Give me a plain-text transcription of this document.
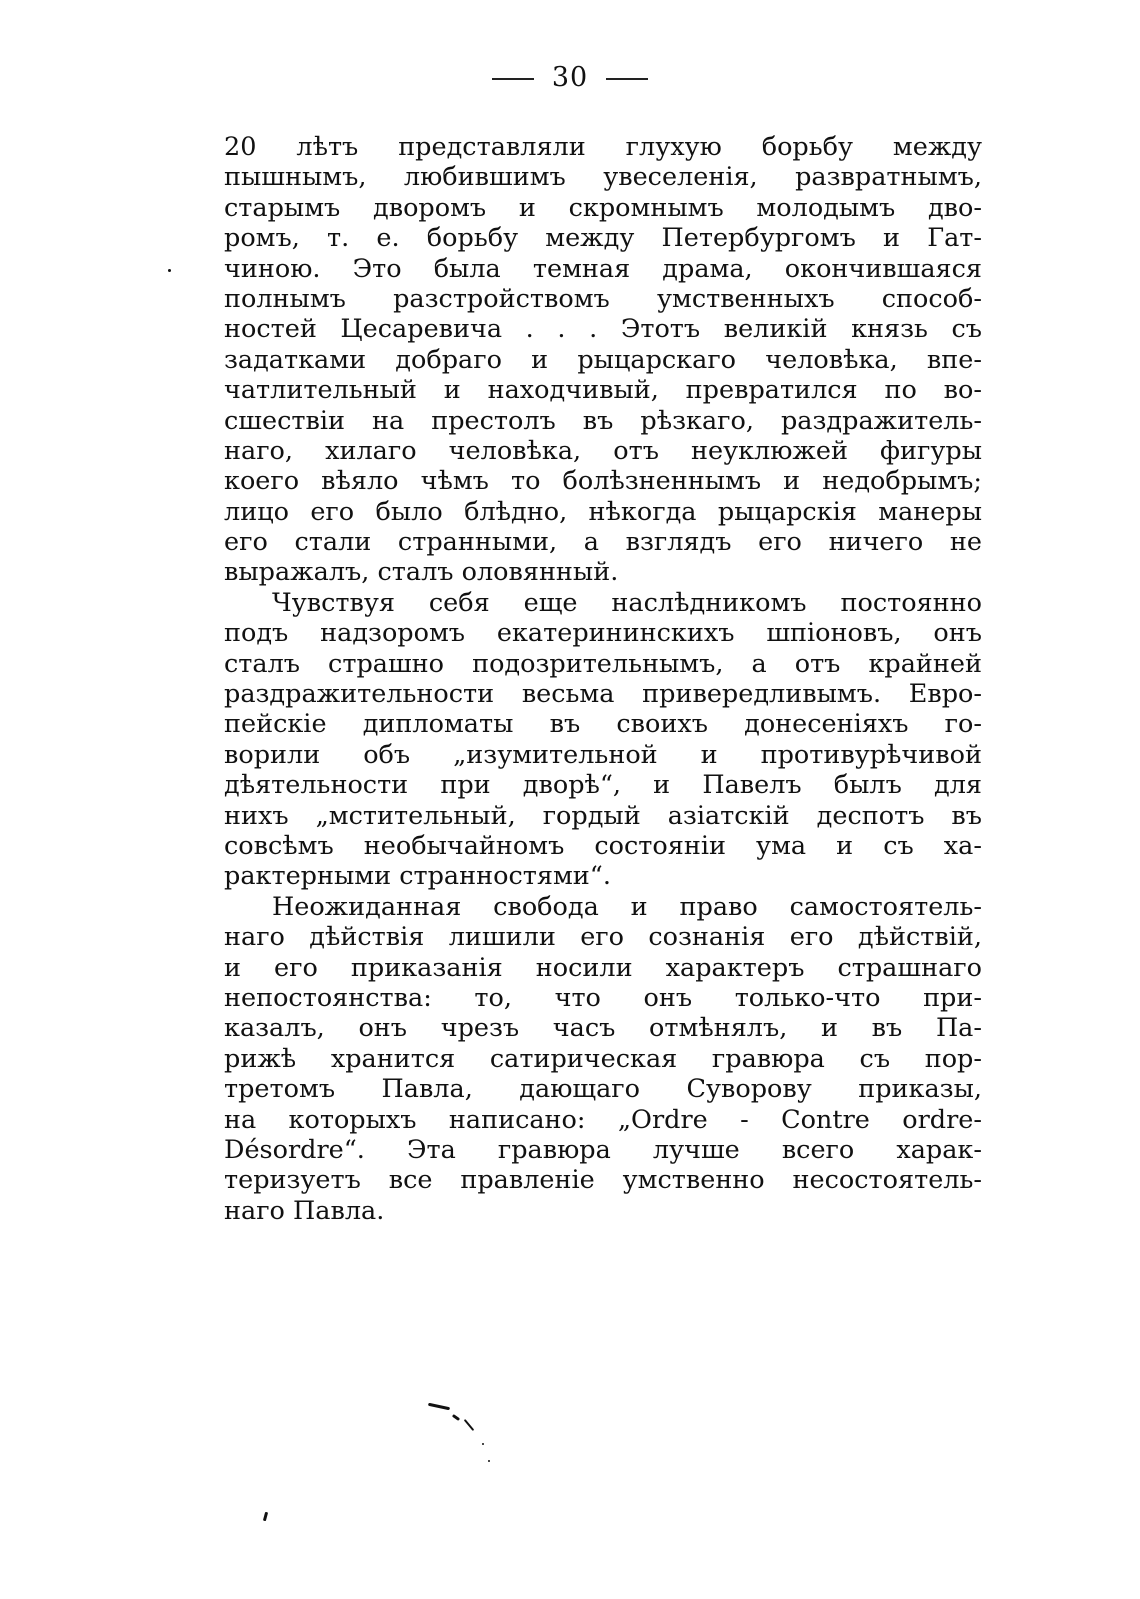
30
20 лѣтъ представляли глухую борьбу между
пышнымъ, любившимъ увеселенія, развратнымъ,
старымъ дворомъ и скромнымъ молодымъ дво-
ромъ, т. е. борьбу между Петербургомъ и Гат-
чиною. Это была темная драма, окончившаяся
полнымъ разстройствомъ умственныхъ способ-
ностей Цесаревича . . . Этотъ великій князь съ
задатками добраго и рыцарскаго человѣка, впе-
чатлительный и находчивый, превратился по во-
сшествіи на престолъ въ рѣзкаго, раздражитель-
наго, хилаго человѣка, отъ неуклюжей фигуры
коего вѣяло чѣмъ то болѣзненнымъ и недобрымъ;
лицо его было блѣдно, нѣкогда рыцарскія манеры
его стали странными, а взглядъ его ничего не
выражалъ, сталъ оловянный.
Чувствуя себя еще наслѣдникомъ постоянно
подъ надзоромъ екатерининскихъ шпіоновъ, онъ
сталъ страшно подозрительнымъ, а отъ крайней
раздражительности весьма привередливымъ. Евро-
пейскіе дипломаты въ своихъ донесеніяхъ го-
ворили объ „изумительной и противурѣчивой
дѣятельности при дворѣ“, и Павелъ былъ для
нихъ „мстительный, гордый азіатскій деспотъ въ
совсѣмъ необычайномъ состояніи ума и съ ха-
рактерными странностями“.
Неожиданная свобода и право самостоятель-
наго дѣйствія лишили его сознанія его дѣйствій,
и его приказанія носили характеръ страшнаго
непостоянства: то, что онъ только-что при-
казалъ, онъ чрезъ часъ отмѣнялъ, и въ Па-
рижѣ хранится сатирическая гравюра съ пор-
третомъ Павла, дающаго Суворову приказы,
на которыхъ написано: „Ordre - Contre ordre-
Désordre“. Эта гравюра лучше всего харак-
теризуетъ все правленіе умственно несостоятель-
наго Павла.
